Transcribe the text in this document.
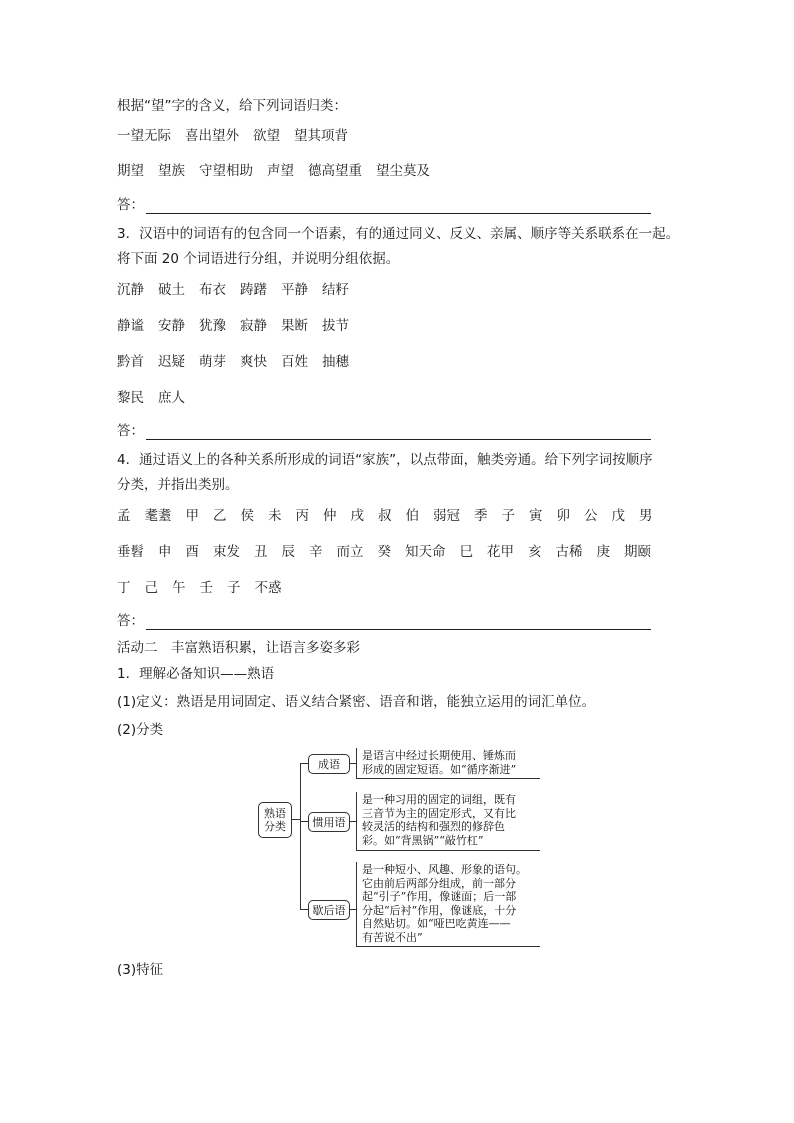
根据“望”字的含义，给下列词语归类：
一望无际 喜出望外 欲望 望其项背
期望 望族 守望相助 声望 德高望重 望尘莫及
答：
3．汉语中的词语有的包含同一个语素，有的通过同义、反义、亲属、顺序等关系联系在一起。
将下面 20 个词语进行分组，并说明分组依据。
沉静 破土 布衣 踌躇 平静 结籽
静谧 安静 犹豫 寂静 果断 拔节
黔首 迟疑 萌芽 爽快 百姓 抽穗
黎民 庶人
答：
4．通过语义上的各种关系所形成的词语“家族”，以点带面，触类旁通。给下列字词按顺序
分类，并指出类别。
孟 耄耋 甲 乙 侯 未 丙 仲 戌 叔 伯 弱冠 季 子 寅 卯 公 戊 男
垂髫 申 酉 束发 丑 辰 辛 而立 癸 知天命 巳 花甲 亥 古稀 庚 期颐
丁 己 午 壬 子 不惑
答：
活动二　丰富熟语积累，让语言多姿多彩
1．理解必备知识——熟语
(1)定义：熟语是用词固定、语义结合紧密、语音和谐，能独立运用的词汇单位。
(2)分类
熟语
分类
成语
是语言中经过长期使用、锤炼而
形成的固定短语。如“循序渐进”
惯用语
是一种习用的固定的词组，既有
三音节为主的固定形式，又有比
较灵活的结构和强烈的修辞色
彩。如“背黑锅”“敲竹杠”
歇后语
是一种短小、风趣、形象的语句。
它由前后两部分组成，前一部分
起“引子”作用，像谜面；后一部
分起“后衬”作用，像谜底，十分
自然贴切。如“哑巴吃黄连——
有苦说不出”
(3)特征
